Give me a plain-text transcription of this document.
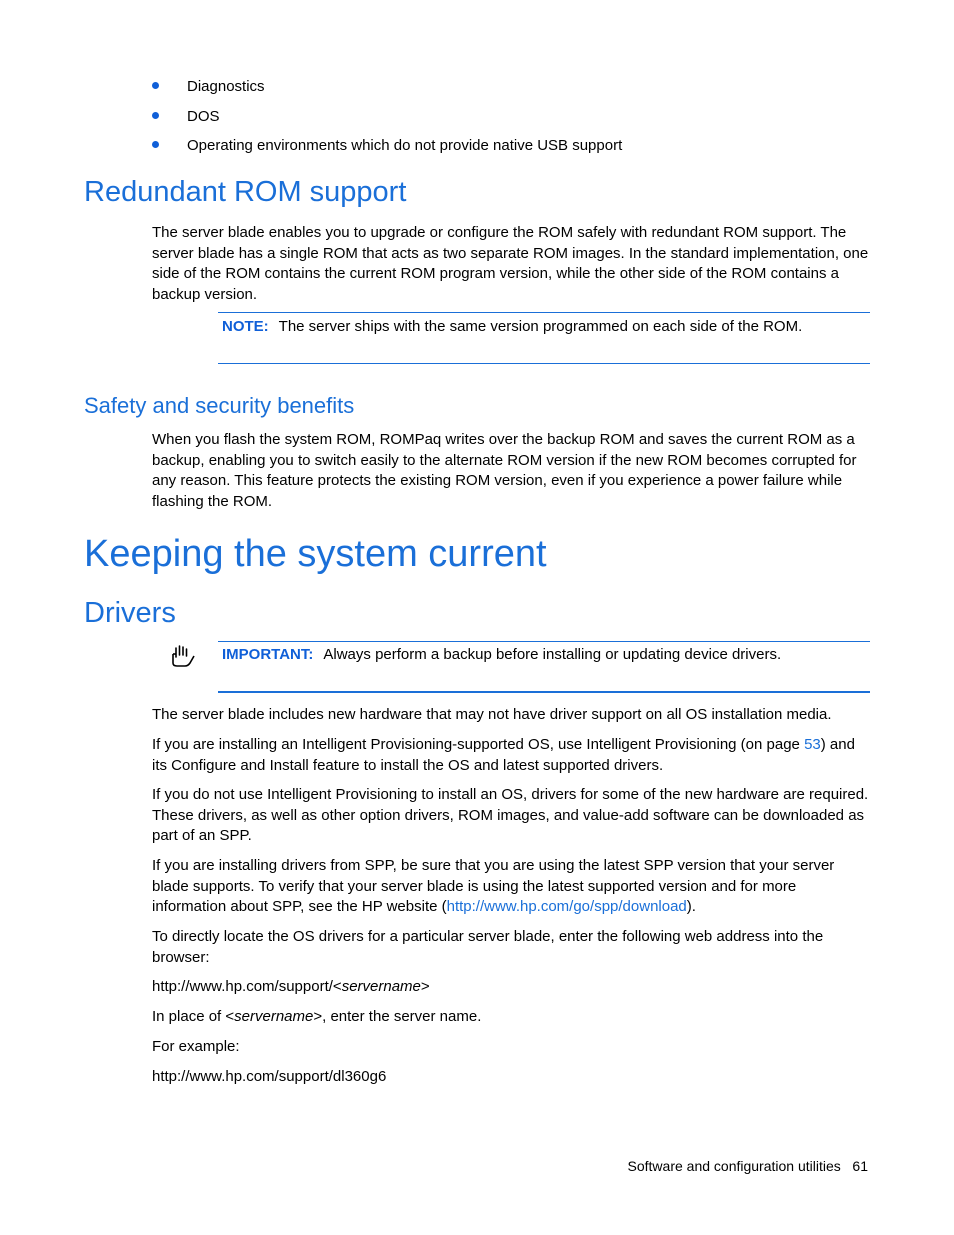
Diagnostics
DOS
Operating environments which do not provide native USB support
Redundant ROM support

The server blade enables you to upgrade or configure the ROM safely with redundant ROM support. The server blade has a single ROM that acts as two separate ROM images. In the standard implementation, one side of the ROM contains the current ROM program version, while the other side of the ROM contains a backup version.

NOTE: The server ships with the same version programmed on each side of the ROM.
Safety and security benefits

When you flash the system ROM, ROMPaq writes over the backup ROM and saves the current ROM as a backup, enabling you to switch easily to the alternate ROM version if the new ROM becomes corrupted for any reason. This feature protects the existing ROM version, even if you experience a power failure while flashing the ROM.

Keeping the system current
Drivers
IMPORTANT: Always perform a backup before installing or updating device drivers.

The server blade includes new hardware that may not have driver support on all OS installation media.

If you are installing an Intelligent Provisioning-supported OS, use Intelligent Provisioning (on page 53) and its Configure and Install feature to install the OS and latest supported drivers.

If you do not use Intelligent Provisioning to install an OS, drivers for some of the new hardware are required. These drivers, as well as other option drivers, ROM images, and value-add software can be downloaded as part of an SPP.

If you are installing drivers from SPP, be sure that you are using the latest SPP version that your server blade supports. To verify that your server blade is using the latest supported version and for more information about SPP, see the HP website (http://www.hp.com/go/spp/download).

To directly locate the OS drivers for a particular server blade, enter the following web address into the browser:

http://www.hp.com/support/<servername>

In place of <servername>, enter the server name.

For example:

http://www.hp.com/support/dl360g6

Software and configuration utilities 61
